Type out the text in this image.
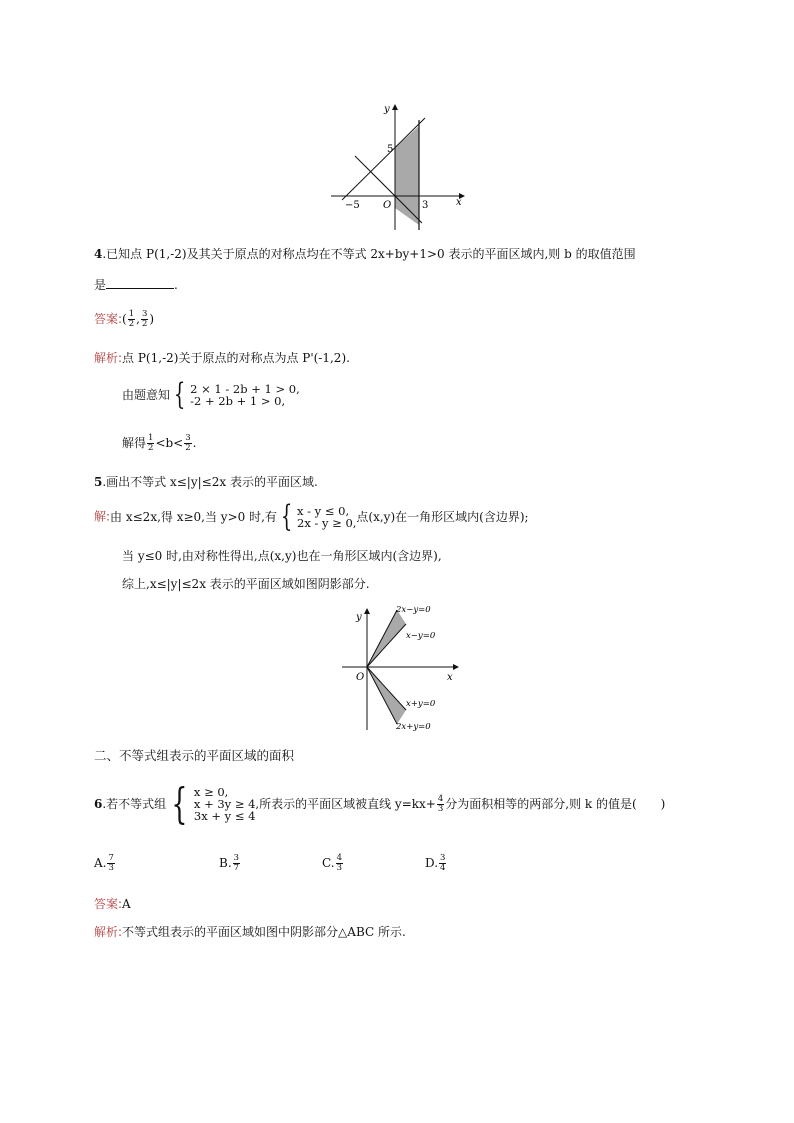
y
x
O
5
−5	3
4.已知点 P(1,-2)及其关于原点的对称点均在不等式 2x+by+1>0 表示的平面区域内,则 b 的取值范围
是	.
答案:( $\frac{1}{2}$ , $\frac{3}{2}$ )
解析:点 P(1,-2)关于原点的对称点为点 P'(-1,2).
由题意知 { 2 × 1 - 2b + 1 > 0,
-2 + 2b + 1 > 0,
解得 $\frac{1}{2} <b< \frac{3}{2}$ .
5.画出不等式 x≤|y|≤2x 表示的平面区域.
解:由 x≤2x,得 x≥0,当 y>0 时,有 { x - y ≤ 0,
2x - y ≥ 0, 点(x,y)在一角形区域内(含边界);
当 y≤0 时,由对称性得出,点(x,y)也在一角形区域内(含边界),
综上,x≤|y|≤2x 表示的平面区域如图阴影部分.
y
x
O
2x−y=0
x−y=0
x+y=0
2x+y=0
二、不等式组表示的平面区域的面积
6.若不等式组 { x ≥ 0,
x + 3y ≥ 4,
3x + y ≤ 4
所表示的平面区域被直线 $y=kx+ \frac{4}{3}$ 分为面积相等的两部分,则 k 的值是(　　)
A. $\frac{7}{3}$	B. $\frac{3}{7}$	C. $\frac{4}{3}$	D. $\frac{3}{4}$
答案:A
解析:不等式组表示的平面区域如图中阴影部分△ABC 所示.
